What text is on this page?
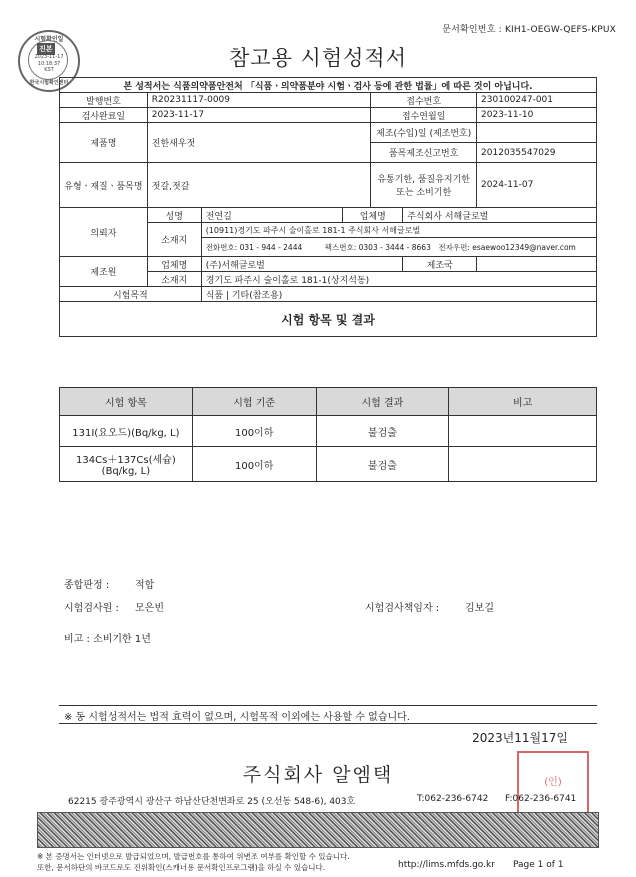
문서확인번호 : KIH1-OEGW-QEFS-KPUX
시험확인일
진본
2023-11-17
10:18:37
KST
한국시험확인센터
참고용 시험성적서
본 성적서는 식품의약품안전처 「식품ㆍ의약품분야 시험ㆍ검사 등에 관한 법률」에 따른 것이 아닙니다.						
발행번호	R20231117-0009			접수번호		230100247-001
검사완료일	2023-11-17			접수연월일		2023-11-10
제품명	진한새우젓			제조(수입)일 (제조번호)		
				품목제조신고번호		2012035547029
유형ㆍ재질ㆍ품목명	젓갈,젓갈			유통기한, 품질유지기한 또는 소비기한		2024-11-07
의뢰자	성명	전연길	업체명		주식회사 서해글로벌	
	소재지	(10911)경기도 파주시 술이홀로 181-1 주식회사 서해글로벌				
		전화번호: 031 - 944 - 2444　　　팩스번호: 0303 - 3444 - 8663　전자우편: esaewoo12349@naver.com				
제조원	업체명	(주)서해글로벌			제조국	
	소재지	경기도 파주시 술이홀로 181-1(상지석동)				
시험목적		식품 | 기타(참조용)				
시험 항목 및 결과						
시험 항목	시험 기준	시험 결과	비고
131I(요오드)(Bq/kg, L)	100이하	불검출	
134Cs＋137Cs(세슘)(Bq/kg, L)	100이하	불검출	
종합판정 :	적합
시험검사원 : 모은빈	시험검사책임자 :	김보길
비고 : 소비기한 1년
※ 동 시험성적서는 법적 효력이 없으며, 시험목적 이외에는 사용할 수 없습니다.
2023년11월17일
주식회사 알엠택	(인)
62215 광주광역시 광산구 하남산단천변좌로 25 (오선동 548-6), 403호	T:062-236-6742 F:062-236-6741
※ 본 증명서는 인터넷으로 발급되었으며, 발급번호를 통하여 위변조 여부를 확인할 수 있습니다.
또한, 문서하단의 바코드로도 진위확인(스캐너용 문서확인프로그램)을 하실 수 있습니다.	http://lims.mfds.go.kr Page 1 of 1
